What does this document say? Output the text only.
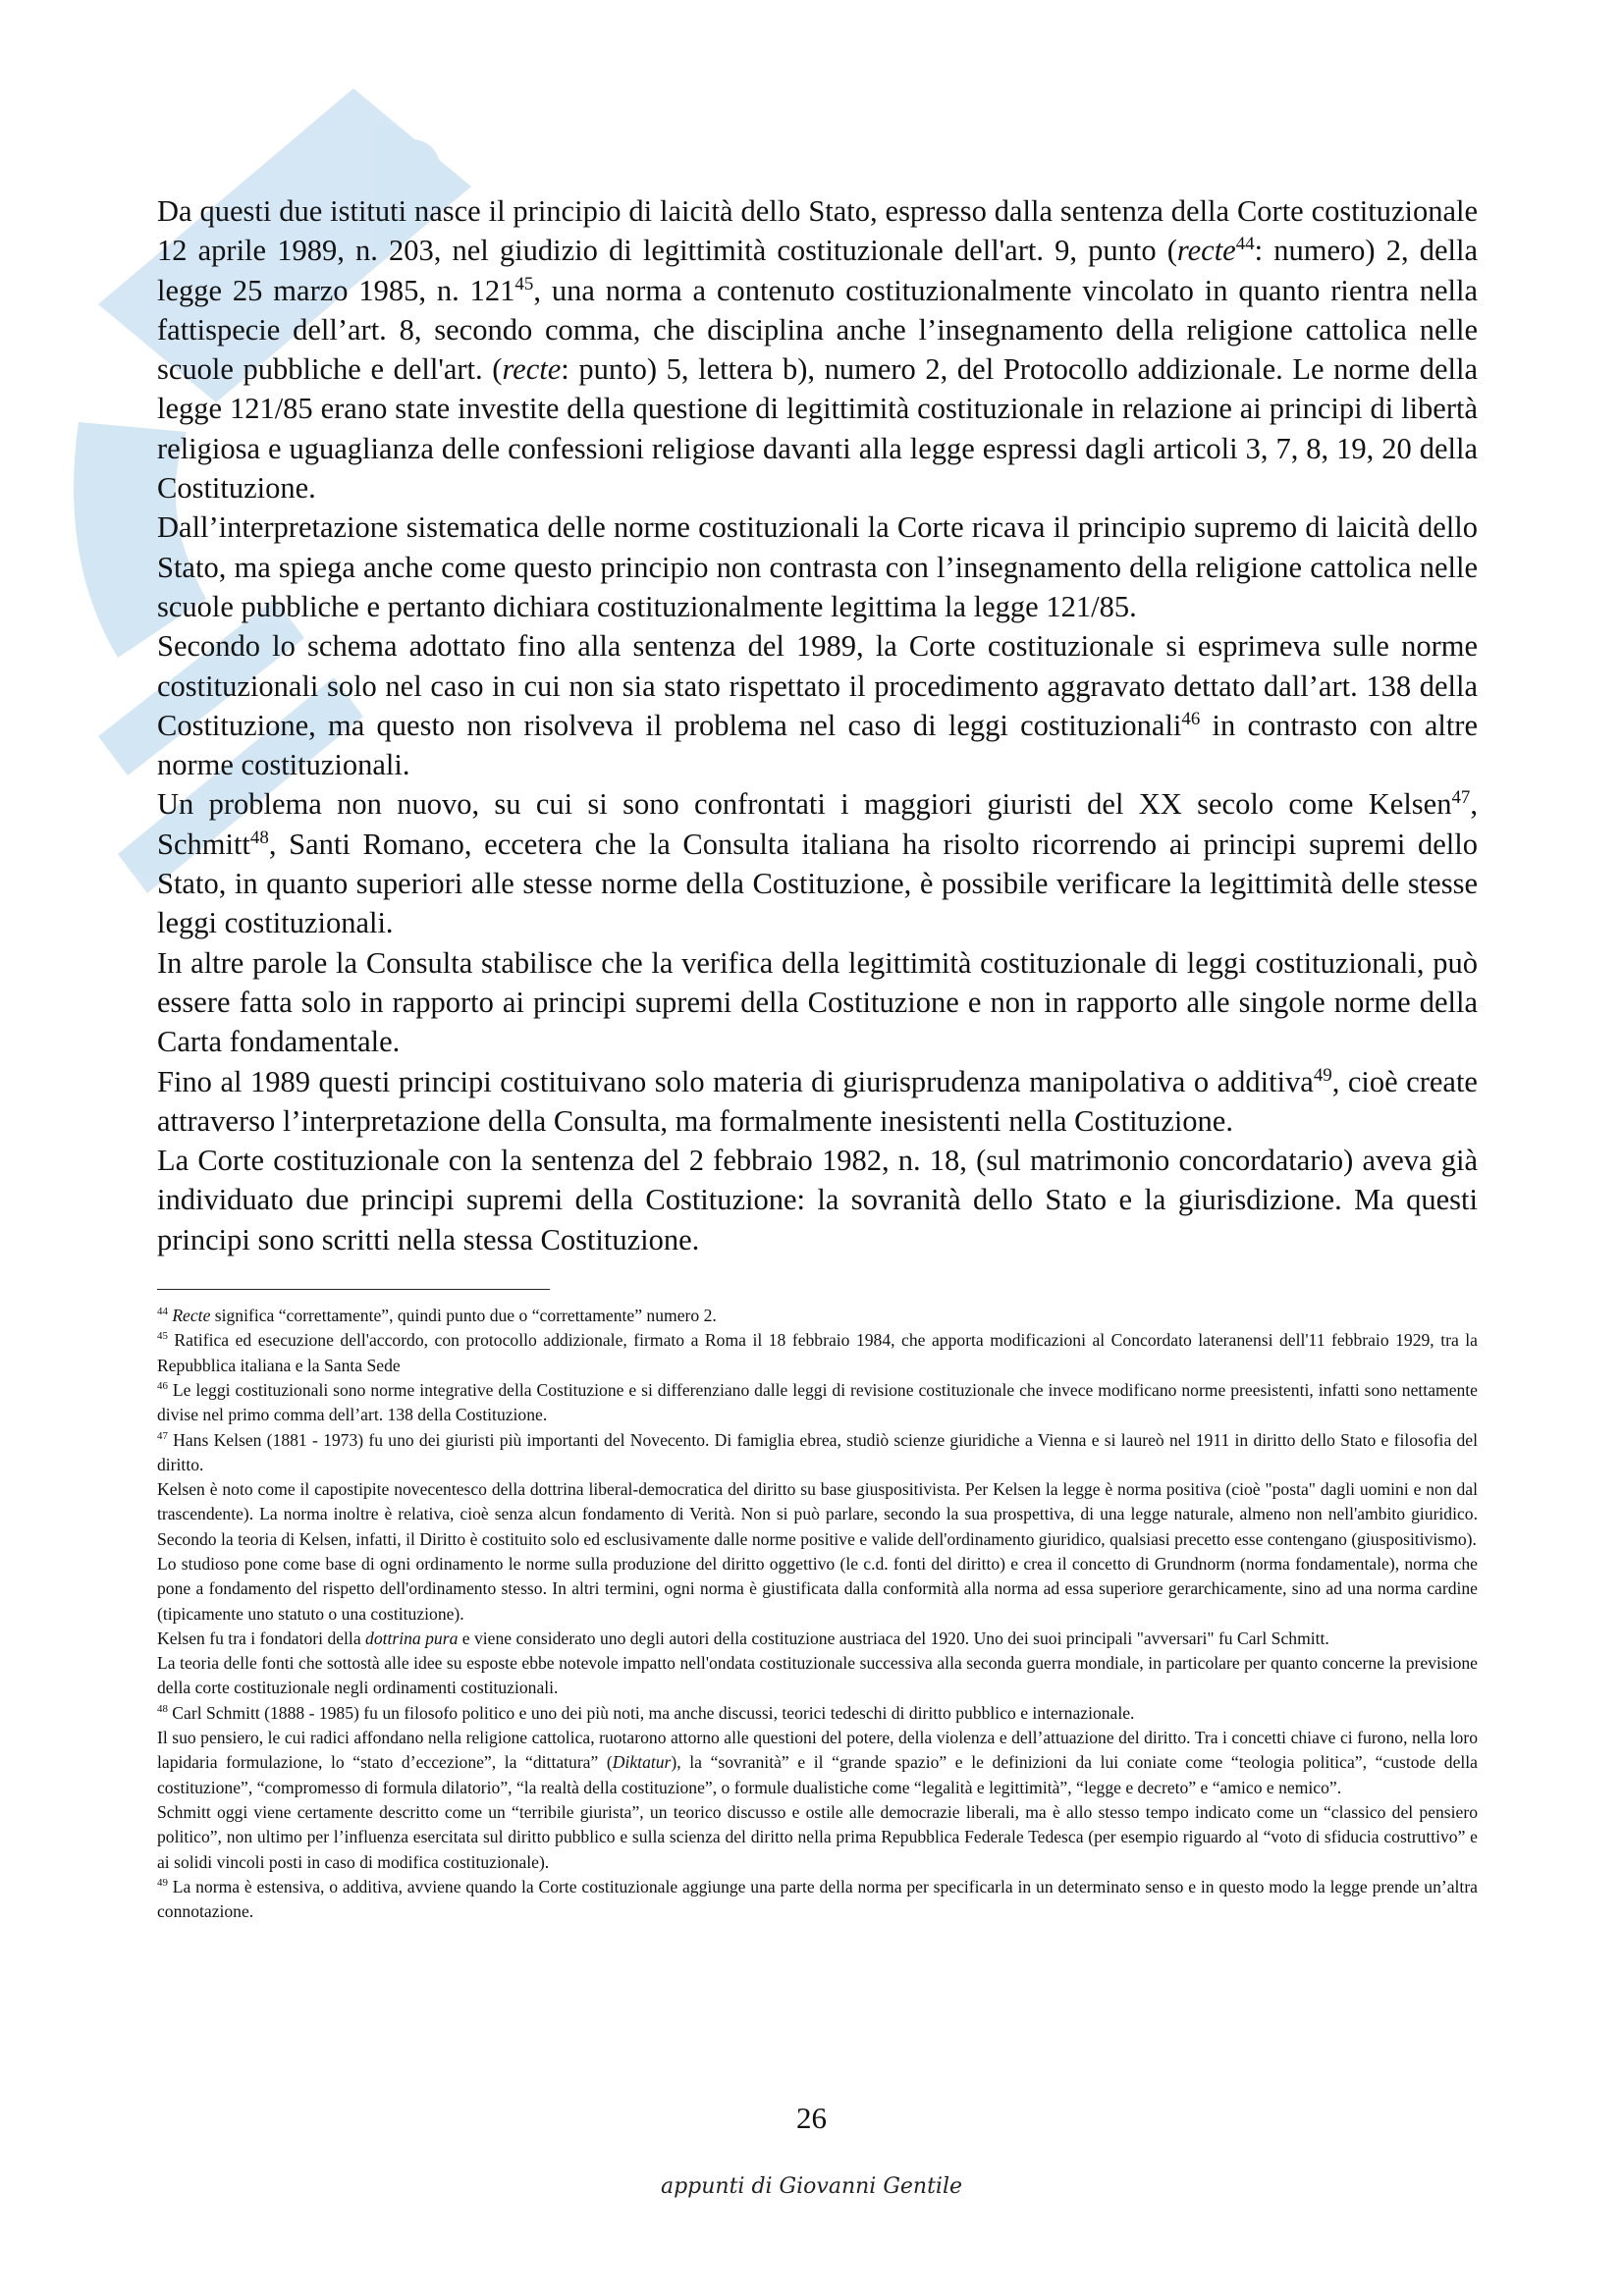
Da questi due istituti nasce il principio di laicità dello Stato, espresso dalla sentenza della Corte costituzionale 12 aprile 1989, n. 203, nel giudizio di legittimità costituzionale dell'art. 9, punto (recte$^{44}$: numero) 2, della legge 25 marzo 1985, n. $121^{45}$, una norma a contenuto costituzionalmente vincolato in quanto rientra nella fattispecie dell’art. 8, secondo comma, che disciplina anche l’insegnamento della religione cattolica nelle scuole pubbliche e dell'art. (recte: punto) 5, lettera b), numero 2, del Protocollo addizionale. Le norme della legge 121/85 erano state investite della questione di legittimità costituzionale in relazione ai principi di libertà religiosa e uguaglianza delle confessioni religiose davanti alla legge espressi dagli articoli 3, 7, 8, 19, 20 della Costituzione.

Dall’interpretazione sistematica delle norme costituzionali la Corte ricava il principio supremo di laicità dello Stato, ma spiega anche come questo principio non contrasta con l’insegnamento della religione cattolica nelle scuole pubbliche e pertanto dichiara costituzionalmente legittima la legge 121/85.

Secondo lo schema adottato fino alla sentenza del 1989, la Corte costituzionale si esprimeva sulle norme costituzionali solo nel caso in cui non sia stato rispettato il procedimento aggravato dettato dall’art. 138 della Costituzione, ma questo non risolveva il problema nel caso di leggi costituzionali$^{46}$ in contrasto con altre norme costituzionali.

Un problema non nuovo, su cui si sono confrontati i maggiori giuristi del XX secolo come Kelsen$^{47}$, Schmitt$^{48}$, Santi Romano, eccetera che la Consulta italiana ha risolto ricorrendo ai principi supremi dello Stato, in quanto superiori alle stesse norme della Costituzione, è possibile verificare la legittimità delle stesse leggi costituzionali.

In altre parole la Consulta stabilisce che la verifica della legittimità costituzionale di leggi costituzionali, può essere fatta solo in rapporto ai principi supremi della Costituzione e non in rapporto alle singole norme della Carta fondamentale.

Fino al 1989 questi principi costituivano solo materia di giurisprudenza manipolativa o additiva$^{49}$, cioè create attraverso l’interpretazione della Consulta, ma formalmente inesistenti nella Costituzione.

La Corte costituzionale con la sentenza del 2 febbraio 1982, n. 18, (sul matrimonio concordatario) aveva già individuato due principi supremi della Costituzione: la sovranità dello Stato e la giurisdizione. Ma questi principi sono scritti nella stessa Costituzione.

$^{44}$ Recte significa “correttamente”, quindi punto due o “correttamente” numero 2.

$^{45}$ Ratifica ed esecuzione dell'accordo, con protocollo addizionale, firmato a Roma il 18 febbraio 1984, che apporta modificazioni al Concordato lateranensi dell'11 febbraio 1929, tra la Repubblica italiana e la Santa Sede

$^{46}$ Le leggi costituzionali sono norme integrative della Costituzione e si differenziano dalle leggi di revisione costituzionale che invece modificano norme preesistenti, infatti sono nettamente divise nel primo comma dell’art. 138 della Costituzione.

$^{47}$ Hans Kelsen (1881 - 1973) fu uno dei giuristi più importanti del Novecento. Di famiglia ebrea, studiò scienze giuridiche a Vienna e si laureò nel 1911 in diritto dello Stato e filosofia del diritto.

Kelsen è noto come il capostipite novecentesco della dottrina liberal-democratica del diritto su base giuspositivista. Per Kelsen la legge è norma positiva (cioè "posta" dagli uomini e non dal trascendente). La norma inoltre è relativa, cioè senza alcun fondamento di Verità. Non si può parlare, secondo la sua prospettiva, di una legge naturale, almeno non nell'ambito giuridico. Secondo la teoria di Kelsen, infatti, il Diritto è costituito solo ed esclusivamente dalle norme positive e valide dell'ordinamento giuridico, qualsiasi precetto esse contengano (giuspositivismo).

Lo studioso pone come base di ogni ordinamento le norme sulla produzione del diritto oggettivo (le c.d. fonti del diritto) e crea il concetto di Grundnorm (norma fondamentale), norma che pone a fondamento del rispetto dell'ordinamento stesso. In altri termini, ogni norma è giustificata dalla conformità alla norma ad essa superiore gerarchicamente, sino ad una norma cardine (tipicamente uno statuto o una costituzione).

Kelsen fu tra i fondatori della dottrina pura e viene considerato uno degli autori della costituzione austriaca del 1920. Uno dei suoi principali "avversari" fu Carl Schmitt.

La teoria delle fonti che sottostà alle idee su esposte ebbe notevole impatto nell'ondata costituzionale successiva alla seconda guerra mondiale, in particolare per quanto concerne la previsione della corte costituzionale negli ordinamenti costituzionali.

$^{48}$ Carl Schmitt (1888 - 1985) fu un filosofo politico e uno dei più noti, ma anche discussi, teorici tedeschi di diritto pubblico e internazionale.

Il suo pensiero, le cui radici affondano nella religione cattolica, ruotarono attorno alle questioni del potere, della violenza e dell’attuazione del diritto. Tra i concetti chiave ci furono, nella loro lapidaria formulazione, lo “stato d’eccezione”, la “dittatura” (Diktatur), la “sovranità” e il “grande spazio” e le definizioni da lui coniate come “teologia politica”, “custode della costituzione”, “compromesso di formula dilatorio”, “la realtà della costituzione”, o formule dualistiche come “legalità e legittimità”, “legge e decreto” e “amico e nemico”.

Schmitt oggi viene certamente descritto come un “terribile giurista”, un teorico discusso e ostile alle democrazie liberali, ma è allo stesso tempo indicato come un “classico del pensiero politico”, non ultimo per l’influenza esercitata sul diritto pubblico e sulla scienza del diritto nella prima Repubblica Federale Tedesca (per esempio riguardo al “voto di sfiducia costruttivo” e ai solidi vincoli posti in caso di modifica costituzionale).

$^{49}$ La norma è estensiva, o additiva, avviene quando la Corte costituzionale aggiunge una parte della norma per specificarla in un determinato senso e in questo modo la legge prende un’altra connotazione.

26
appunti di Giovanni Gentile
